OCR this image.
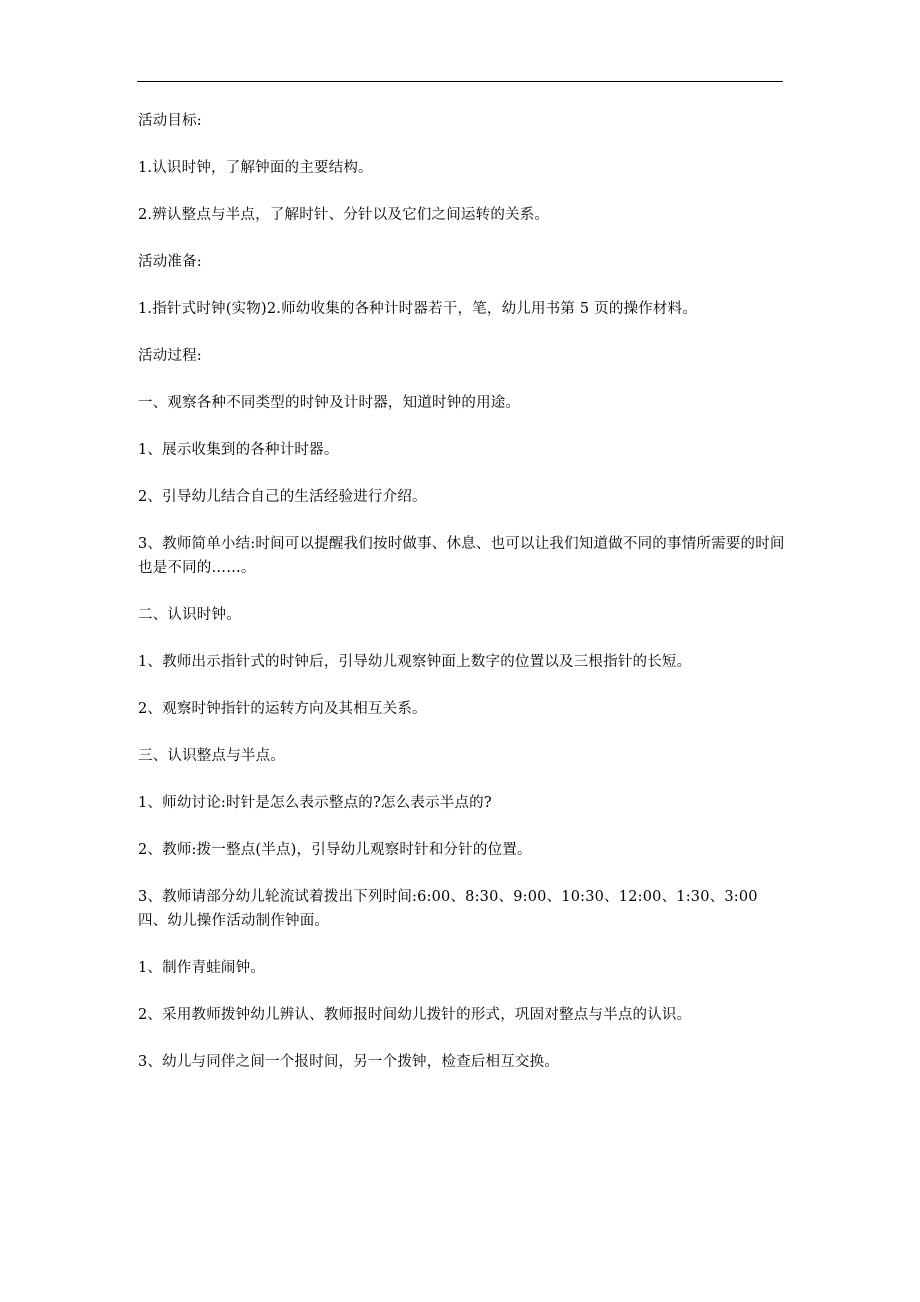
活动目标:

1.认识时钟，了解钟面的主要结构。

2.辨认整点与半点，了解时针、分针以及它们之间运转的关系。

活动准备:

1.指针式时钟(实物)2.师幼收集的各种计时器若干，笔，幼儿用书第 5 页的操作材料。

活动过程:

一、观察各种不同类型的时钟及计时器，知道时钟的用途。

1、展示收集到的各种计时器。

2、引导幼儿结合自己的生活经验进行介绍。

3、教师简单小结:时间可以提醒我们按时做事、休息、也可以让我们知道做不同的事情所需要的时间也是不同的……。

二、认识时钟。

1、教师出示指针式的时钟后，引导幼儿观察钟面上数字的位置以及三根指针的长短。

2、观察时钟指针的运转方向及其相互关系。

三、认识整点与半点。

1、师幼讨论:时针是怎么表示整点的?怎么表示半点的?

2、教师:拨一整点(半点)，引导幼儿观察时针和分针的位置。

3、教师请部分幼儿轮流试着拨出下列时间:6:00、8:30、9:00、10:30、12:00、1:30、3:00 四、幼儿操作活动制作钟面。

1、制作青蛙闹钟。

2、采用教师拨钟幼儿辨认、教师报时间幼儿拨针的形式，巩固对整点与半点的认识。

3、幼儿与同伴之间一个报时间，另一个拨钟，检查后相互交换。
